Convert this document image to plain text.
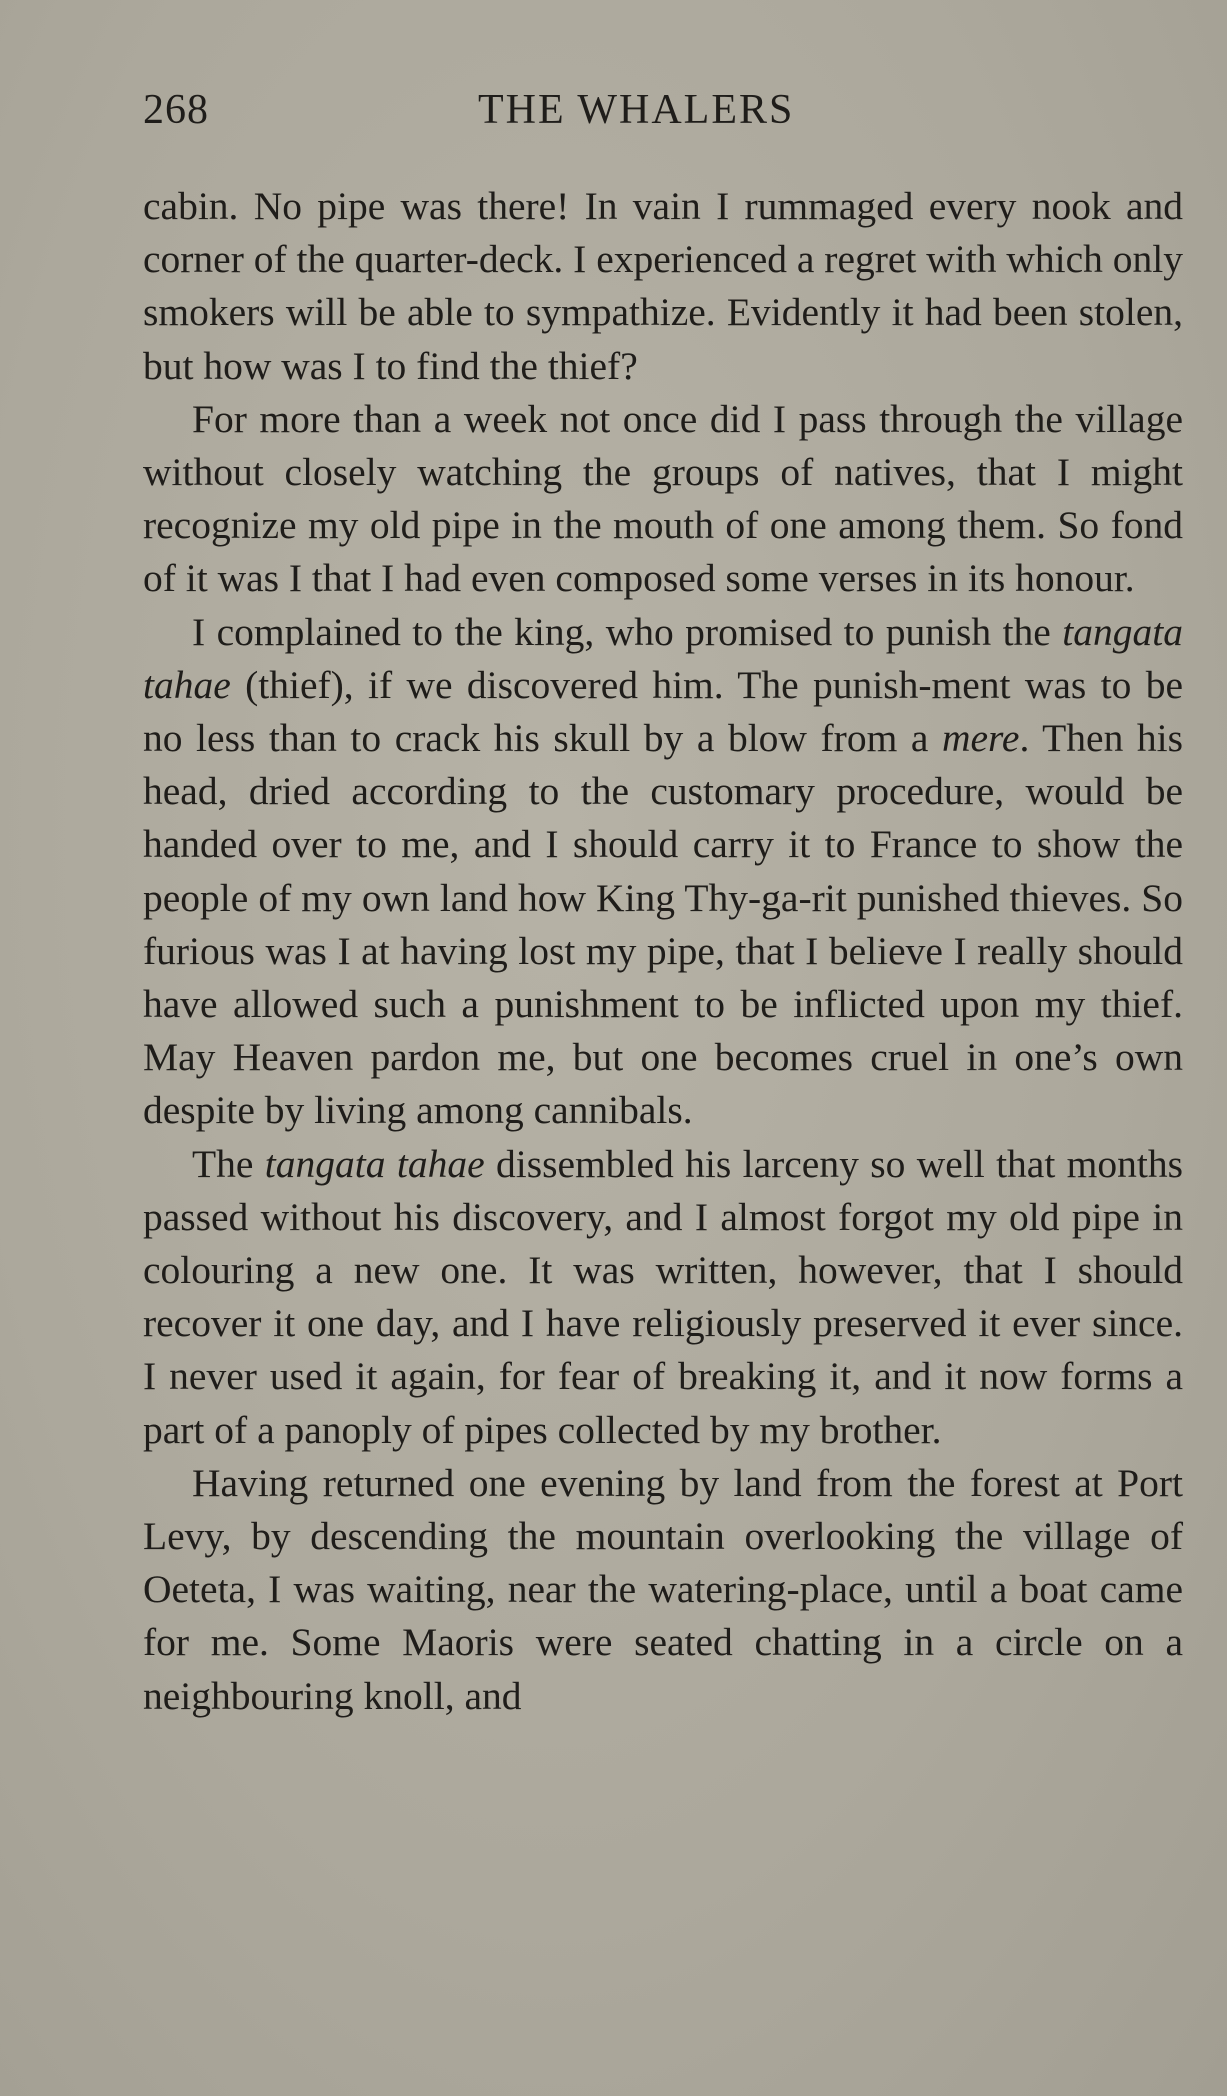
268	THE WHALERS

cabin. No pipe was there! In vain I rummaged every nook and corner of the quarter-deck. I experienced a regret with which only smokers will be able to sympathize. Evidently it had been stolen, but how was I to find the thief?

For more than a week not once did I pass through the village without closely watching the groups of natives, that I might recognize my old pipe in the mouth of one among them. So fond of it was I that I had even composed some verses in its honour.

I complained to the king, who promised to punish the tangata tahae (thief), if we discovered him. The punish-ment was to be no less than to crack his skull by a blow from a mere. Then his head, dried according to the customary procedure, would be handed over to me, and I should carry it to France to show the people of my own land how King Thy-ga-rit punished thieves. So furious was I at having lost my pipe, that I believe I really should have allowed such a punishment to be inflicted upon my thief. May Heaven pardon me, but one becomes cruel in one’s own despite by living among cannibals.

The tangata tahae dissembled his larceny so well that months passed without his discovery, and I almost forgot my old pipe in colouring a new one. It was written, however, that I should recover it one day, and I have religiously preserved it ever since. I never used it again, for fear of breaking it, and it now forms a part of a panoply of pipes collected by my brother.

Having returned one evening by land from the forest at Port Levy, by descending the mountain overlooking the village of Oeteta, I was waiting, near the watering-place, until a boat came for me. Some Maoris were seated chatting in a circle on a neighbouring knoll, and
